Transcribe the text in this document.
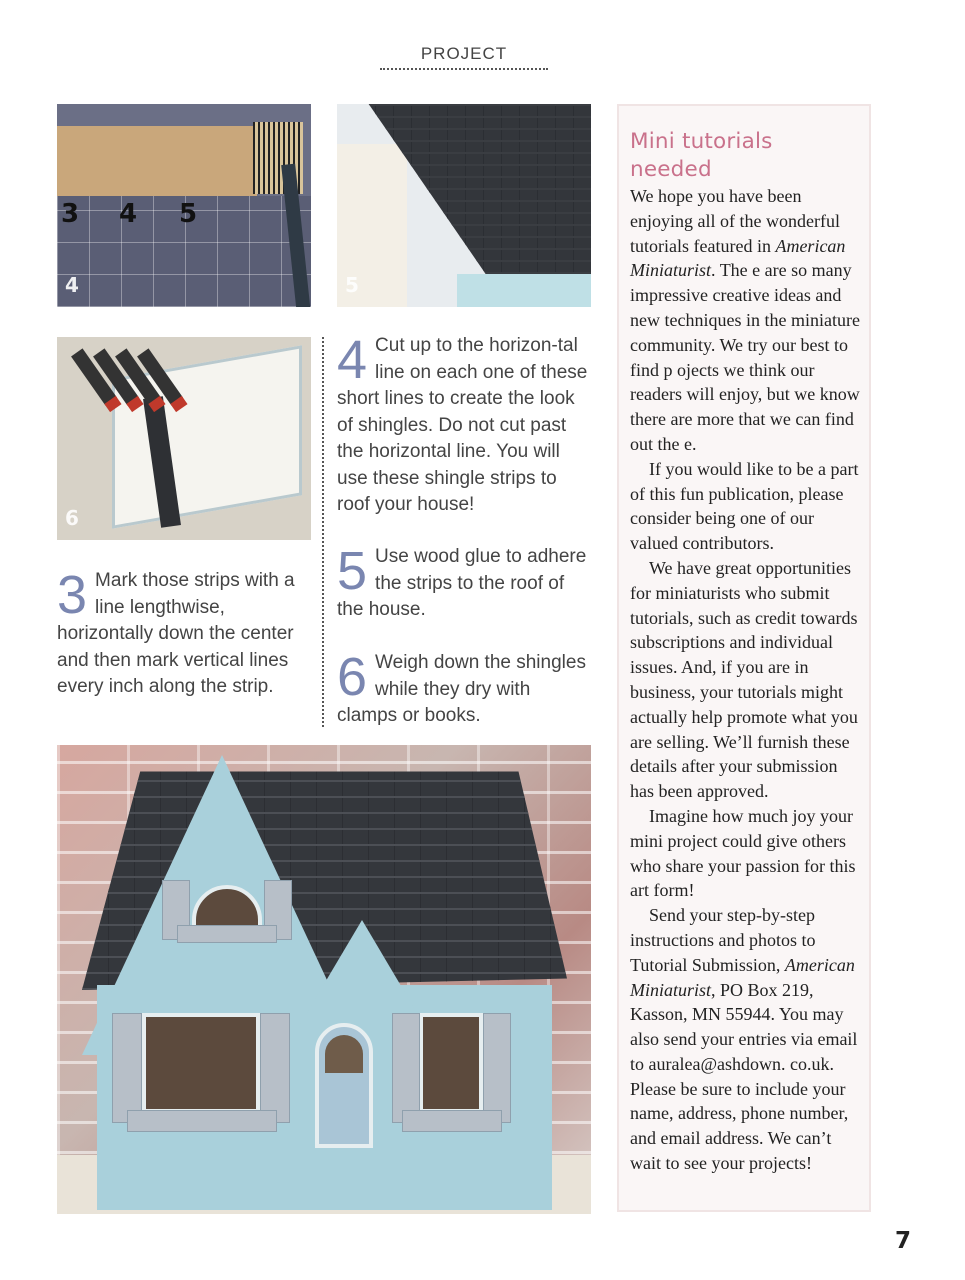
PROJECT
3 4 5
4	5
6
3 Mark those strips with a line lengthwise, horizontally down the center and then mark vertical lines every inch along the strip.
4 Cut up to the horizon-tal line on each one of these short lines to create the look of shingles. Do not cut past the horizontal line. You will use these shingle strips to roof your house!
5 Use wood glue to adhere the strips to the roof of the house.
6 Weigh down the shingles while they dry with clamps or books.
Mini tutorials needed

We hope you have been enjoying all of the wonderful tutorials featured in American Miniaturist. The e are so many impressive creative ideas and new techniques in the miniature community. We try our best to find p ojects we think our readers will enjoy, but we know there are more that we can find out the e.

If you would like to be a part of this fun publication, please consider being one of our valued contributors.

We have great opportunities for miniaturists who submit tutorials, such as credit towards subscriptions and individual issues. And, if you are in business, your tutorials might actually help promote what you are selling. We’ll furnish these details after your submission has been approved.

Imagine how much joy your mini project could give others who share your passion for this art form!

Send your step-by-step instructions and photos to Tutorial Submission, American Miniaturist, PO Box 219, Kasson, MN 55944. You may also send your entries via email to auralea@ashdown. co.uk. Please be sure to include your name, address, phone number, and email address. We can’t wait to see your projects!

7
